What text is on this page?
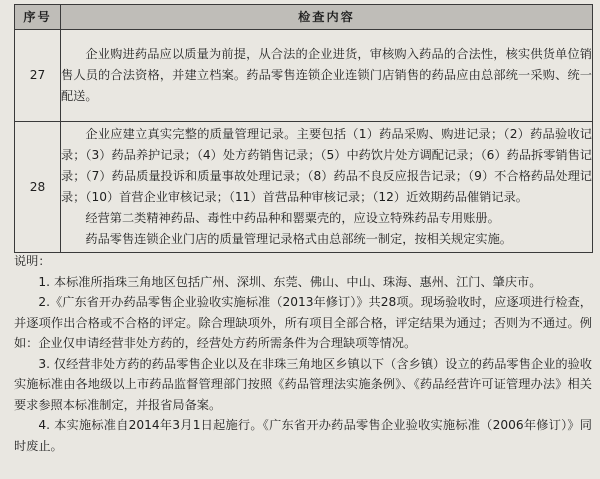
序号	检查内容
27	企业购进药品应以质量为前提，从合法的企业进货，审核购入药品的合法性，核实供货单位销售人员的合法资格，并建立档案。药品零售连锁企业连锁门店销售的药品应由总部统一采购、统一配送。

28	企业应建立真实完整的质量管理记录。主要包括（1）药品采购、购进记录；（2）药品验收记录；（3）药品养护记录；（4）处方药销售记录；（5）中药饮片处方调配记录；（6）药品拆零销售记录；（7）药品质量投诉和质量事故处理记录；（8）药品不良反应报告记录；（9）不合格药品处理记录；（10）首营企业审核记录；（11）首营品种审核记录；（12）近效期药品催销记录。

经营第二类精神药品、毒性中药品种和罂粟壳的，应设立特殊药品专用账册。

药品零售连锁企业门店的质量管理记录格式由总部统一制定，按相关规定实施。

说明：

1. 本标准所指珠三角地区包括广州、深圳、东莞、佛山、中山、珠海、惠州、江门、肇庆市。

2.《广东省开办药品零售企业验收实施标准（2013年修订）》共28项。现场验收时，应逐项进行检查，并逐项作出合格或不合格的评定。除合理缺项外，所有项目全部合格，评定结果为通过；否则为不通过。例如：企业仅申请经营非处方药的，经营处方药所需条件为合理缺项等情况。

3. 仅经营非处方药的药品零售企业以及在非珠三角地区乡镇以下（含乡镇）设立的药品零售企业的验收实施标准由各地级以上市药品监督管理部门按照《药品管理法实施条例》、《药品经营许可证管理办法》相关要求参照本标准制定，并报省局备案。

4. 本实施标准自2014年3月1日起施行。《广东省开办药品零售企业验收实施标准（2006年修订）》同时废止。
